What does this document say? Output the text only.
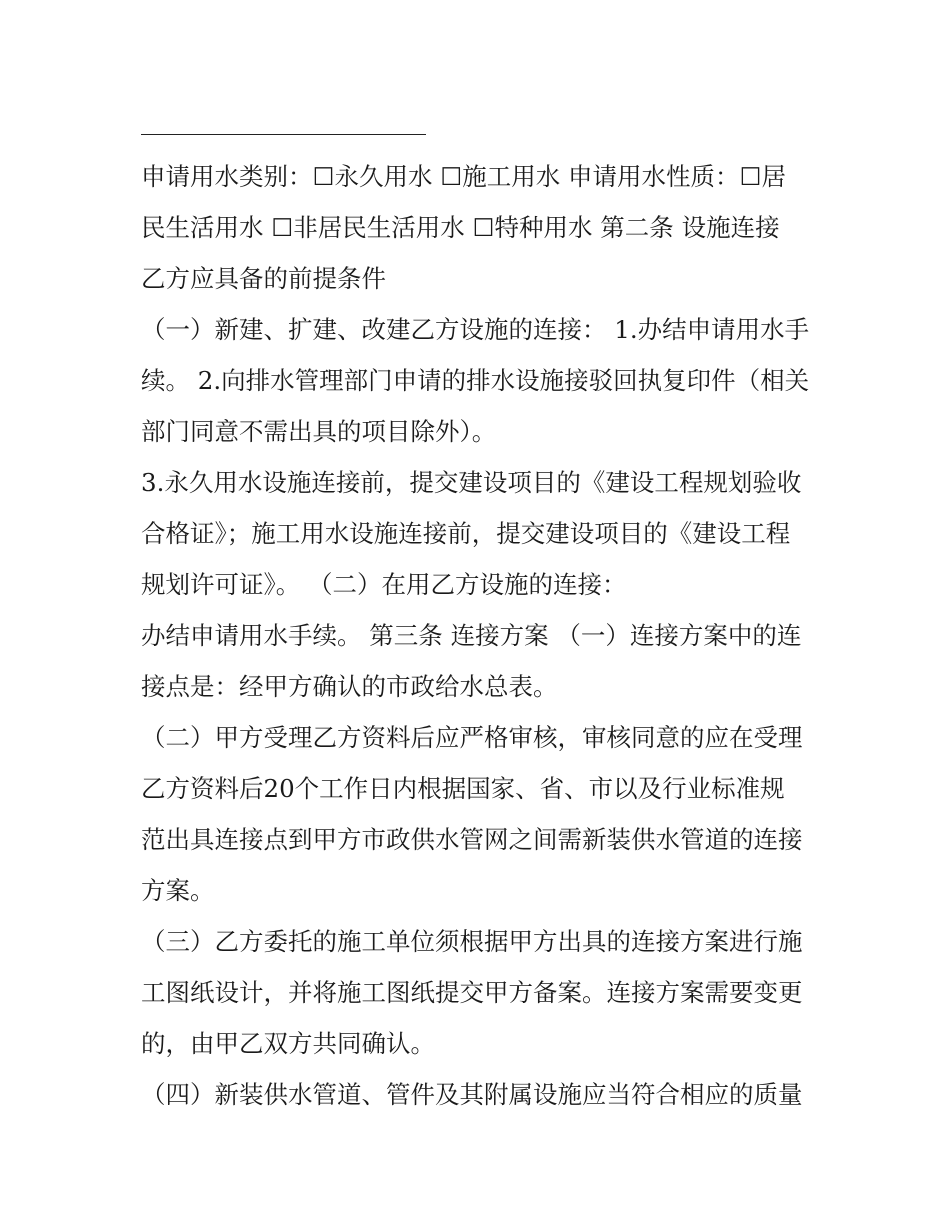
申请用水类别：☐永久用水 ☐施工用水 申请用水性质：☐居
民生活用水 ☐非居民生活用水 ☐特种用水 第二条 设施连接
乙方应具备的前提条件
（一）新建、扩建、改建乙方设施的连接： 1.办结申请用水手
续。 2.向排水管理部门申请的排水设施接驳回执复印件（相关
部门同意不需出具的项目除外）。
3.永久用水设施连接前，提交建设项目的《建设工程规划验收
合格证》；施工用水设施连接前，提交建设项目的《建设工程
规划许可证》。 （二）在用乙方设施的连接：
办结申请用水手续。 第三条 连接方案 （一）连接方案中的连
接点是：经甲方确认的市政给水总表。
（二）甲方受理乙方资料后应严格审核，审核同意的应在受理
乙方资料后20个工作日内根据国家、省、市以及行业标准规
范出具连接点到甲方市政供水管网之间需新装供水管道的连接
方案。
（三）乙方委托的施工单位须根据甲方出具的连接方案进行施
工图纸设计，并将施工图纸提交甲方备案。连接方案需要变更
的，由甲乙双方共同确认。
（四）新装供水管道、管件及其附属设施应当符合相应的质量
